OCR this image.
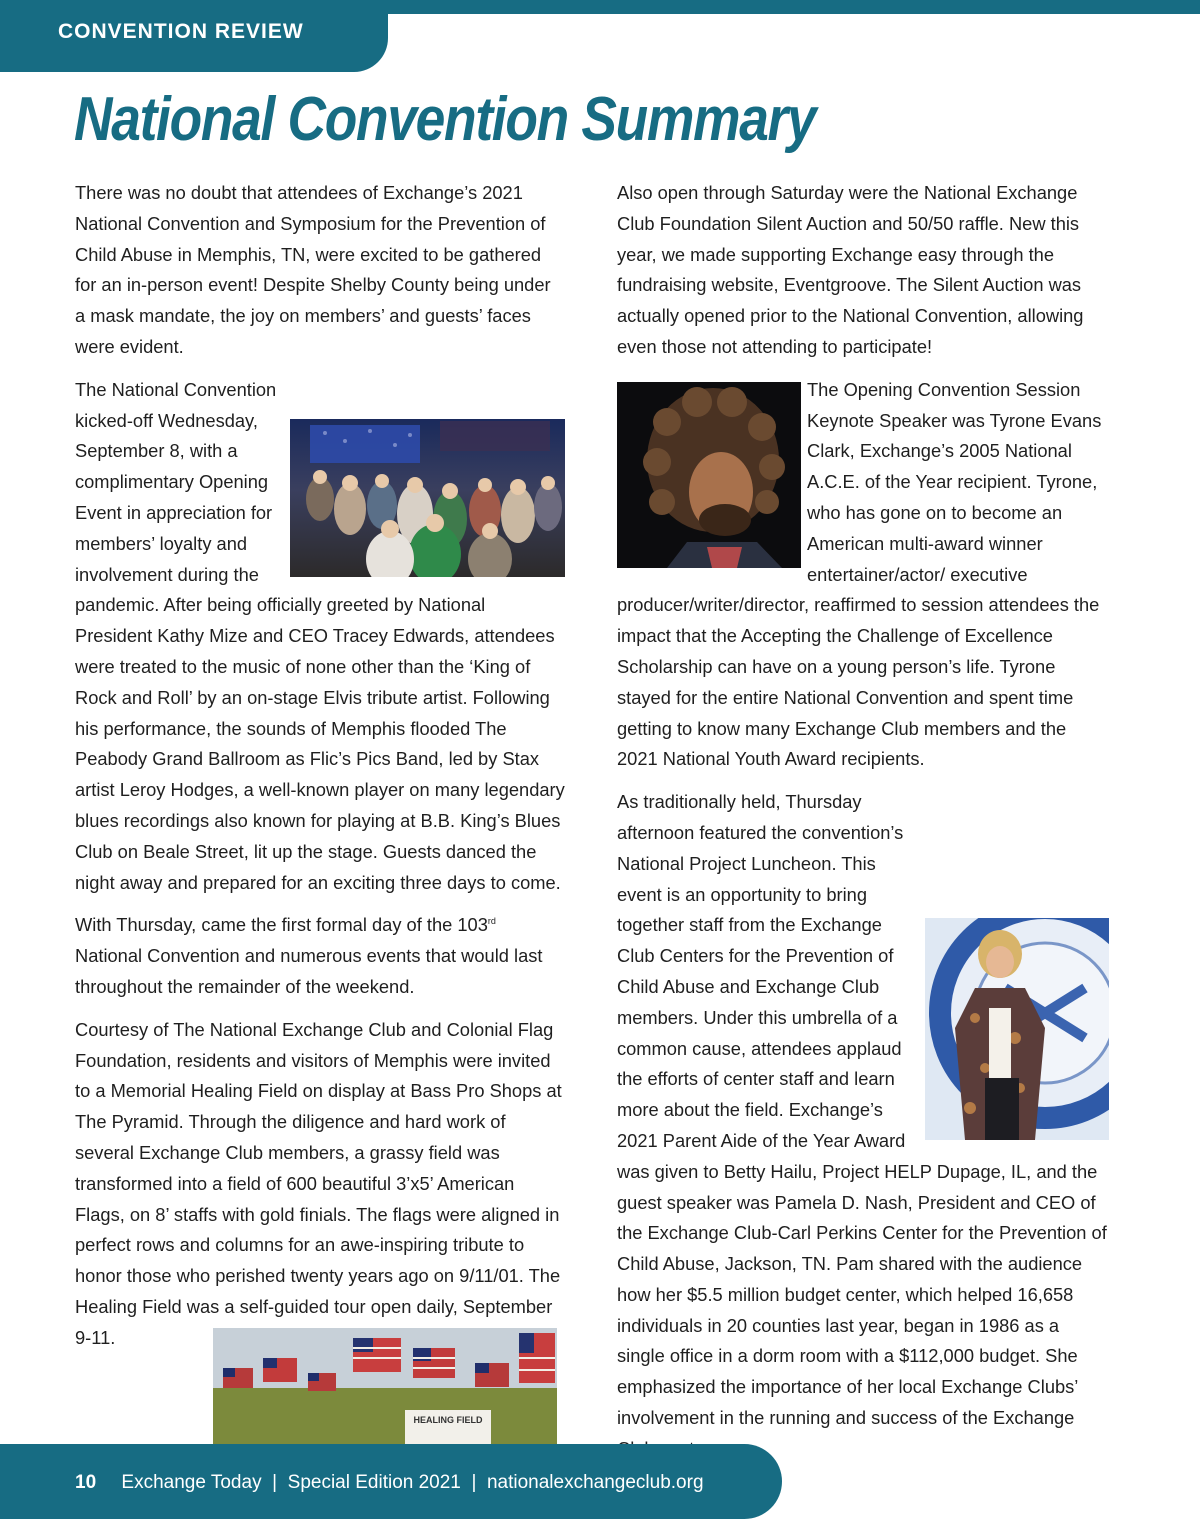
CONVENTION REVIEW
National Convention Summary

There was no doubt that attendees of Exchange’s 2021 National Convention and Symposium for the Prevention of Child Abuse in Memphis, TN, were excited to be gathered for an in-person event! Despite Shelby County being under a mask mandate, the joy on members’ and guests’ faces were evident.

The National Convention kicked-off Wednesday, September 8, with a complimentary Opening Event in appreciation for members’ loyalty and involvement during the pandemic. After being officially greeted by National President Kathy Mize and CEO Tracey Edwards, attendees were treated to the music of none other than the ‘King of Rock and Roll’ by an on-stage Elvis tribute artist. Following his performance, the sounds of Memphis flooded The Peabody Grand Ballroom as Flic’s Pics Band, led by Stax artist Leroy Hodges, a well-known player on many legendary blues recordings also known for playing at B.B. King’s Blues Club on Beale Street, lit up the stage. Guests danced the night away and prepared for an exciting three days to come.

With Thursday, came the first formal day of the 103rd National Convention and numerous events that would last throughout the remainder of the weekend.

Courtesy of The National Exchange Club and Colonial Flag Foundation, residents and visitors of Memphis were invited to a Memorial Healing Field on display at Bass Pro Shops at The Pyramid. Through the diligence and hard work of several Exchange Club members, a grassy field was transformed into a field of 600 beautiful 3’x5’ American Flags, on 8’ staffs with gold finials. The flags were aligned in perfect rows and columns for an awe-inspiring tribute to honor those who perished twenty years ago on 9/11/01. The Healing Field was a self-guided tour open daily, September 9-11.

Also open through Saturday were the National Exchange Club Foundation Silent Auction and 50/50 raffle. New this year, we made supporting Exchange easy through the fundraising website, Eventgroove. The Silent Auction was actually opened prior to the National Convention, allowing even those not attending to participate!

The Opening Convention Session Keynote Speaker was Tyrone Evans Clark, Exchange’s 2005 National A.C.E. of the Year recipient. Tyrone, who has gone on to become an American multi-award winner entertainer/actor/ executive producer/writer/director, reaffirmed to session attendees the impact that the Accepting the Challenge of Excellence Scholarship can have on a young person’s life. Tyrone stayed for the entire National Convention and spent time getting to know many Exchange Club members and the 2021 National Youth Award recipients.

As traditionally held, Thursday afternoon featured the convention’s National Project Luncheon. This event is an opportunity to bring together staff from the Exchange Club Centers for the Prevention of Child Abuse and Exchange Club members. Under this umbrella of a common cause, attendees applaud the efforts of center staff and learn more about the field. Exchange’s 2021 Parent Aide of the Year Award was given to Betty Hailu, Project HELP Dupage, IL, and the guest speaker was Pamela D. Nash, President and CEO of the Exchange Club-Carl Perkins Center for the Prevention of Child Abuse, Jackson, TN. Pam shared with the audience how her $5.5 million budget center, which helped 16,658 individuals in 20 counties last year, began in 1986 as a single office in a dorm room with a $112,000 budget. She emphasized the importance of her local Exchange Clubs’ involvement in the running and success of the Exchange

HEALING FIELD
10 Exchange Today | Special Edition 2021 | nationalexchangeclub.org
